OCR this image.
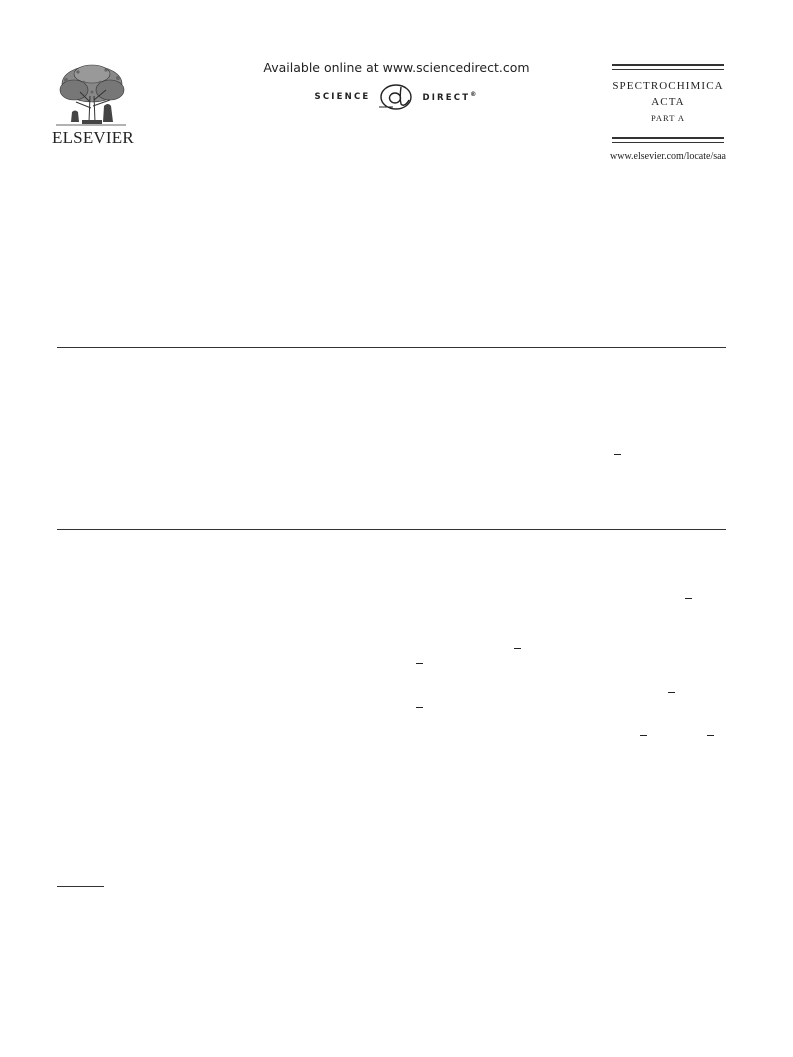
ELSEVIER
Available online at www.sciencedirect.com
SCIENCE	DIRECT®
SPECTROCHIMICA
ACTA
PART A
www.elsevier.com/locate/saa
